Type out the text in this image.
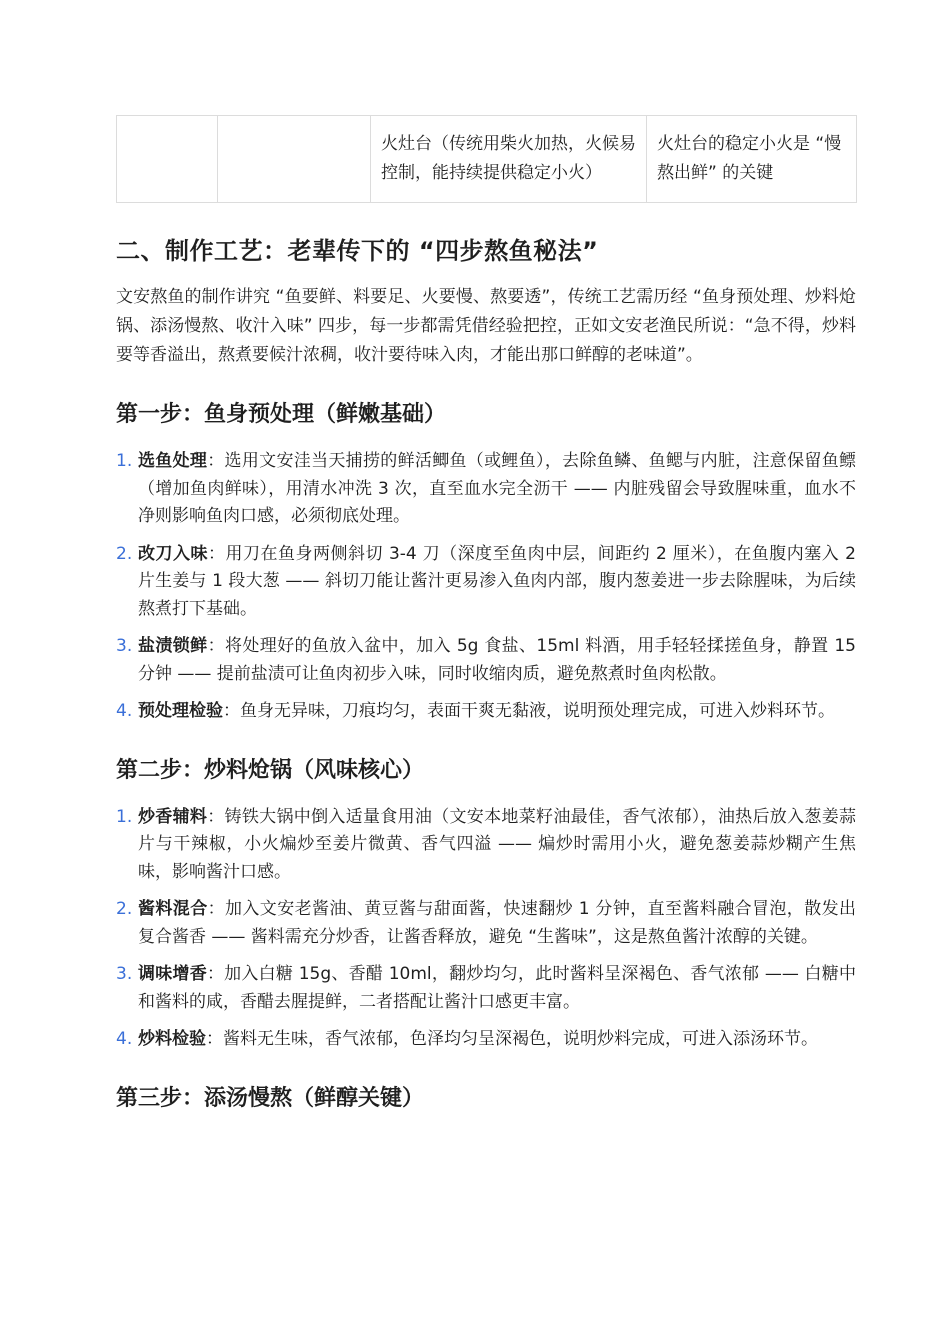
		火灶台（传统用柴火加热，火候易控制，能持续提供稳定小火）	火灶台的稳定小火是 “慢熬出鲜” 的关键
二、制作工艺：老辈传下的 “四步熬鱼秘法”

文安熬鱼的制作讲究 “鱼要鲜、料要足、火要慢、熬要透”，传统工艺需历经 “鱼身预处理、炒料炝锅、添汤慢熬、收汁入味” 四步，每一步都需凭借经验把控，正如文安老渔民所说：“急不得，炒料要等香溢出，熬煮要候汁浓稠，收汁要待味入肉，才能出那口鲜醇的老味道”。

第一步：鱼身预处理（鲜嫩基础）
1. 选鱼处理：选用文安洼当天捕捞的鲜活鲫鱼（或鲤鱼），去除鱼鳞、鱼鳃与内脏，注意保留鱼鳔（增加鱼肉鲜味），用清水冲洗 3 次，直至血水完全沥干 —— 内脏残留会导致腥味重，血水不净则影响鱼肉口感，必须彻底处理。
2. 改刀入味：用刀在鱼身两侧斜切 3-4 刀（深度至鱼肉中层，间距约 2 厘米），在鱼腹内塞入 2 片生姜与 1 段大葱 —— 斜切刀能让酱汁更易渗入鱼肉内部，腹内葱姜进一步去除腥味，为后续熬煮打下基础。
3. 盐渍锁鲜：将处理好的鱼放入盆中，加入 5g 食盐、15ml 料酒，用手轻轻揉搓鱼身，静置 15 分钟 —— 提前盐渍可让鱼肉初步入味，同时收缩肉质，避免熬煮时鱼肉松散。
4. 预处理检验：鱼身无异味，刀痕均匀，表面干爽无黏液，说明预处理完成，可进入炒料环节。
第二步：炒料炝锅（风味核心）
1. 炒香辅料：铸铁大锅中倒入适量食用油（文安本地菜籽油最佳，香气浓郁），油热后放入葱姜蒜片与干辣椒，小火煸炒至姜片微黄、香气四溢 —— 煸炒时需用小火，避免葱姜蒜炒糊产生焦味，影响酱汁口感。
2. 酱料混合：加入文安老酱油、黄豆酱与甜面酱，快速翻炒 1 分钟，直至酱料融合冒泡，散发出复合酱香 —— 酱料需充分炒香，让酱香释放，避免 “生酱味”，这是熬鱼酱汁浓醇的关键。
3. 调味增香：加入白糖 15g、香醋 10ml，翻炒均匀，此时酱料呈深褐色、香气浓郁 —— 白糖中和酱料的咸，香醋去腥提鲜，二者搭配让酱汁口感更丰富。
4. 炒料检验：酱料无生味，香气浓郁，色泽均匀呈深褐色，说明炒料完成，可进入添汤环节。
第三步：添汤慢熬（鲜醇关键）
